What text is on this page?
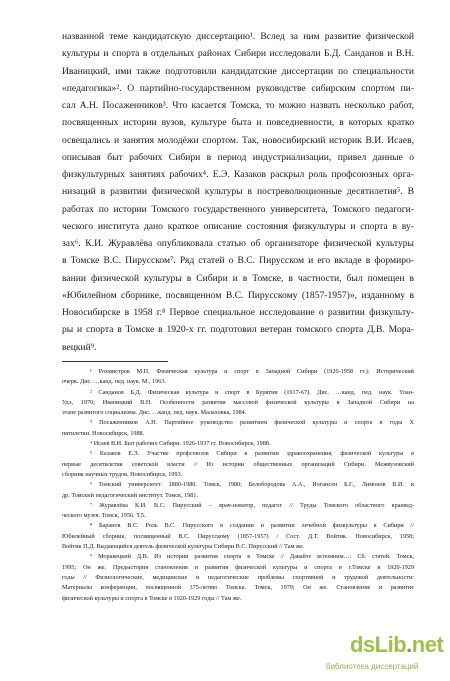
названной теме кандидатскую диссертацию¹. Вслед за ним развитие физической
культуры и спорта в отдельных районах Сибири исследовали Б.Д. Санданов и В.Н.
Иваницкий, ими также подготовили кандидатские диссертации по специальности
«педагогика»². О партийно-государственном руководстве сибирским спортом пи-
сал А.Н. Посаженников³. Что касается Томска, то можно назвать несколько работ,
посвященных истории вузов, культуре быта и повседневности, в которых кратко
освещались и занятия молодёжи спортом. Так, новосибирский историк В.И. Исаев,
описывая быт рабочих Сибири в период индустриализации, привел данные о
физкультурных занятиях рабочих⁴. Е.Э. Казаков раскрыл роль профсоюзных орга-
низаций в развитии физической культуры в постреволюционные десятилетия⁵. В
работах по истории Томского государственного университета, Томского педагоги-
ческого института дано краткое описание состояния физкультуры и спорта в ву-
зах⁶. К.И. Журавлёва опубликовала статью об организаторе физической культуры
в Томске В.С. Пирусском⁷. Ряд статей о В.С. Пирусском и его вкладе в формиро-
вании физической культуры в Сибири и в Томске, в частности, был помещен в
«Юбилейном сборнике, посвященном В.С. Пирусскому (1857-1957)», изданному в
Новосибирске в 1958 г.⁸ Первое специальное исследование о развитии физкульту-
ры и спорта в Томске в 1920-х гг. подготовил ветеран томского спорта Д.В. Мора-
вецкий⁹.
¹ Рохмистров М.П. Физическая культура и спорт в Западной Сибири (1920-1958 гг.): Исторический
очерк. Дис. …канд. пед. наук. М., 1963.
² Санданов Б.Д. Физическая культура и спорт в Бурятии (1917-67). Дис. …канд. пед. наук. Улан-
Удэ, 1970; Иваницкий В.Н. Особенности развития массовой физической культуры в Западной Сибири на
этапе развитого социализма. Дис. …канд. пед. наук. Малаховка, 1984.
³ Посаженников А.Н. Партийное руководство развитием физической культуры и спорта в годы X
пятилетки. Новосибирск, 1988.
⁴ Исаев В.И. Быт рабочих Сибири. 1926-1937 гг. Новосибирск, 1988.
⁵ Казаков Е.Э. Участие профсоюзов Сибири в развитии здравоохранения, физической культуры в
первые десятилетия советской власти // Из истории общественных организаций Сибири. Межвузовский
сборник научных трудов. Новосибирск, 1993.
⁶ Томский университет. 1880-1980. Томск, 1980; Белобородова А.А., Иогансен Б.Г., Лимонов В.И. и
др. Томский педагогический институт. Томск, 1981.
⁷ Журавлёва К.И. В.С. Пирусский – врач-новатор, педагог // Труды Томского областного краевед-
ческого музея. Томск, 1956. Т.5.
⁸ Баранов В.С. Роль В.С. Пирусского в создании и развитии лечебной физкультуры в Сибири //
Юбилейный сборник, посвященный В.С. Пирусскому (1857-1957) / Сост. Д.Т. Войтик. Новосибирск, 1958;
Войтик П.Д. Выдающийся деятель физической культуры Сибири В.С. Пирусский // Там же.
⁹ Моравецкий Д.В. Из истории развития спорта в Томске // Давайте вспомним…: Сб. статей. Томск,
1995; Он же. Предыстория становления и развития физической культуры и спорта в г.Томске в 1920-1929
годы // Физиологические, медицинские и педагогические проблемы спортивной и трудовой деятельности:
Материалы конференции, посвященной 375-летию Томска. Томск, 1979; Он же. Становление и развитие
физической культуры и спорта в Томске в 1920-1929 годы // Там же.
dsLib.net
библиотека диссертаций
